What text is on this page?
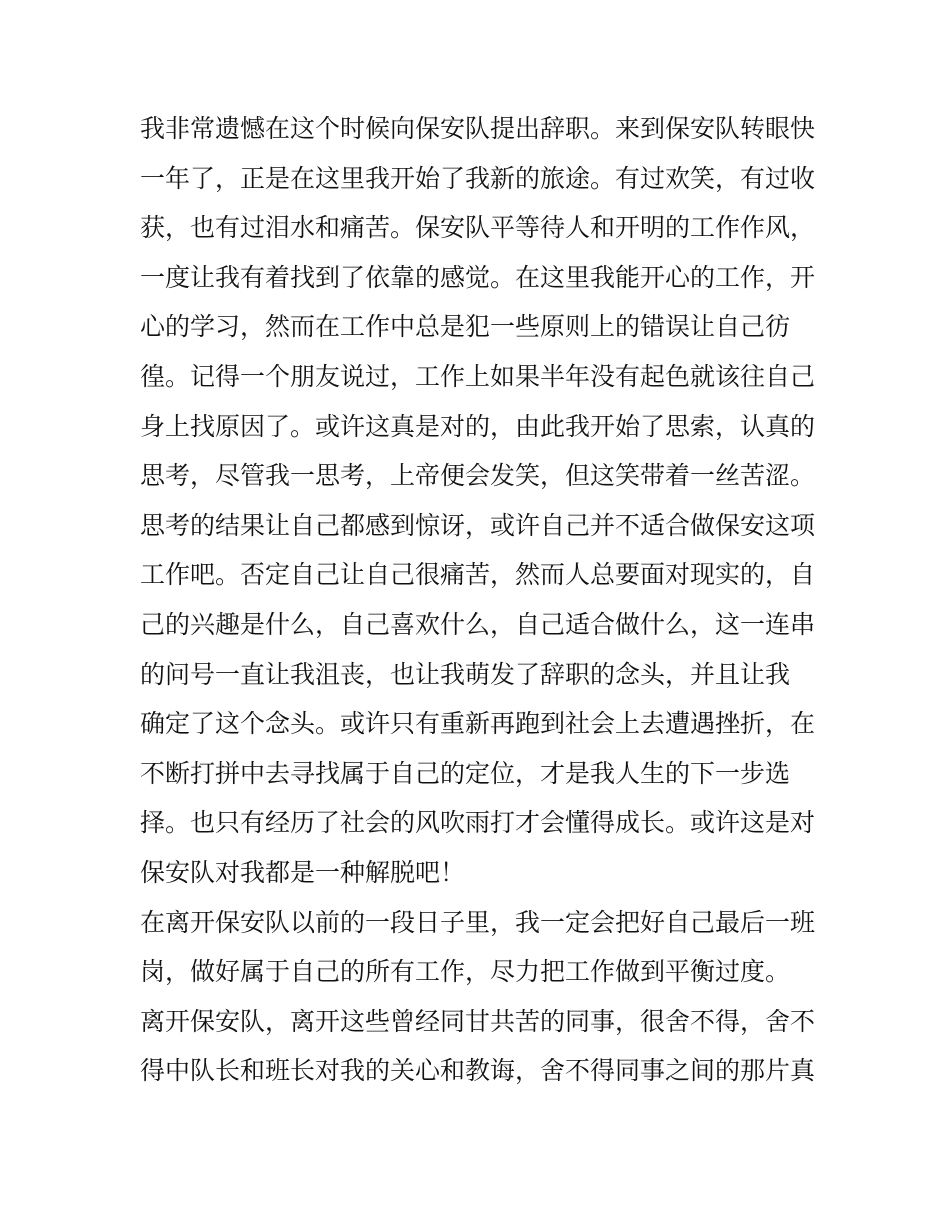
我非常遗憾在这个时候向保安队提出辞职。来到保安队转眼快
一年了，正是在这里我开始了我新的旅途。有过欢笑，有过收
获，也有过泪水和痛苦。保安队平等待人和开明的工作作风，
一度让我有着找到了依靠的感觉。在这里我能开心的工作，开
心的学习，然而在工作中总是犯一些原则上的错误让自己彷
徨。记得一个朋友说过，工作上如果半年没有起色就该往自己
身上找原因了。或许这真是对的，由此我开始了思索，认真的
思考，尽管我一思考，上帝便会发笑，但这笑带着一丝苦涩。
思考的结果让自己都感到惊讶，或许自己并不适合做保安这项
工作吧。否定自己让自己很痛苦，然而人总要面对现实的，自
己的兴趣是什么，自己喜欢什么，自己适合做什么，这一连串
的问号一直让我沮丧，也让我萌发了辞职的念头，并且让我
确定了这个念头。或许只有重新再跑到社会上去遭遇挫折，在
不断打拼中去寻找属于自己的定位，才是我人生的下一步选
择。也只有经历了社会的风吹雨打才会懂得成长。或许这是对
保安队对我都是一种解脱吧！
在离开保安队以前的一段日子里，我一定会把好自己最后一班
岗，做好属于自己的所有工作，尽力把工作做到平衡过度。
离开保安队，离开这些曾经同甘共苦的同事，很舍不得，舍不
得中队长和班长对我的关心和教诲，舍不得同事之间的那片真
